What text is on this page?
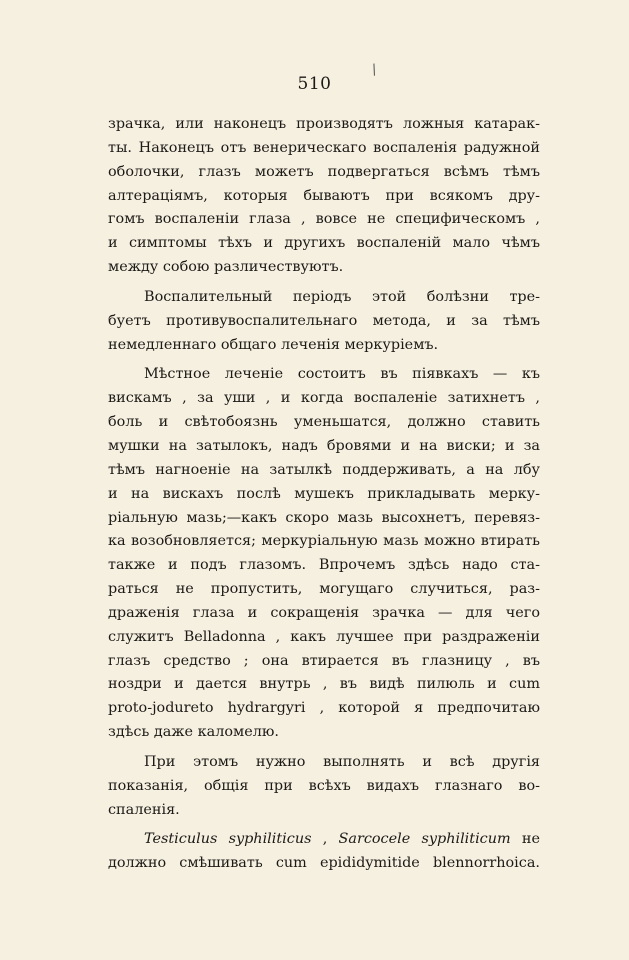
/
510
зрачка, или наконецъ производятъ ложныя катарак-
ты. Наконецъ отъ венерическаго воспаленія радужной
оболочки, глазъ можетъ подвергаться всѣмъ тѣмъ
алтераціямъ, которыя бываютъ при всякомъ дру-
гомъ воспаленіи глаза , вовсе не специфическомъ ,
и симптомы тѣхъ и другихъ воспаленій мало чѣмъ
между собою различествуютъ.
Воспалительный періодъ этой болѣзни тре-
буетъ противувоспалительнаго метода, и за тѣмъ
немедленнаго общаго леченія меркуріемъ.
Мѣстное леченіе состоитъ въ піявкахъ — къ
вискамъ , за уши , и когда воспаленіе затихнетъ ,
боль и свѣтобоязнь уменьшатся, должно ставить
мушки на затылокъ, надъ бровями и на виски; и за
тѣмъ нагноеніе на затылкѣ поддерживать, а на лбу
и на вискахъ послѣ мушекъ прикладывать мерку-
ріальную мазь;—какъ скоро мазь высохнетъ, перевяз-
ка возобновляется; меркуріальную мазь можно втирать
также и подъ глазомъ. Впрочемъ здѣсь надо ста-
раться не пропустить, могущаго случиться, раз-
драженія глаза и сокращенія зрачка — для чего
служитъ Belladonna , какъ лучшее при раздраженіи
глазъ средство ; она втирается въ глазницу , въ
ноздри и дается внутрь , въ видѣ пилюль и cum
proto-jodureto hydrargyri , которой я предпочитаю
здѣсь даже каломелю.
При этомъ нужно выполнять и всѣ другія
показанія, общія при всѣхъ видахъ глазнаго во-
спаленія.
Testiculus syphiliticus , Sarcocele syphiliticum не
должно смѣшивать cum epididymitide blennorrhoica.
